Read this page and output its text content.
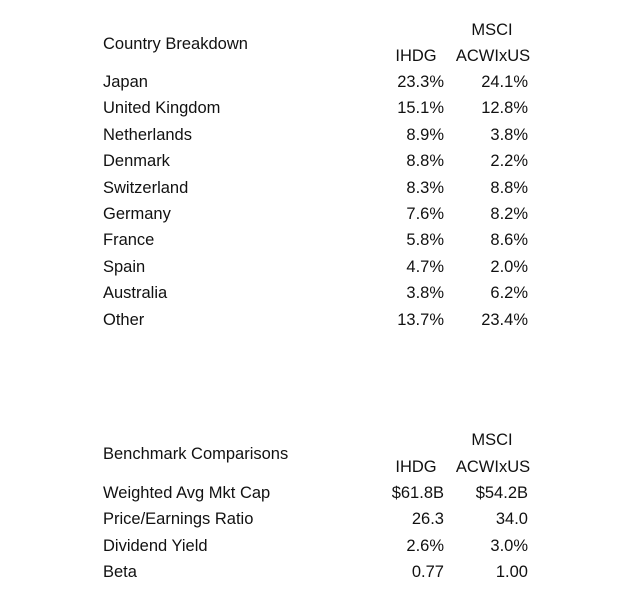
MSCI
Country Breakdown
IHDG	ACWIxUS
Japan	23.3% 24.1%
United Kingdom	15.1% 12.8%
Netherlands	8.9%	3.8%
Denmark	8.8%	2.2%
Switzerland	8.3%	8.8%
Germany	7.6%	8.2%
France	5.8%	8.6%
Spain	4.7%	2.0%
Australia	3.8%	6.2%
Other	13.7% 23.4%
MSCI
Benchmark Comparisons
IHDG	ACWIxUS
Weighted Avg Mkt Cap	$61.8B $54.2B
Price/Earnings Ratio	26.3	34.0
Dividend Yield	2.6%	3.0%
Beta	0.77	1.00
